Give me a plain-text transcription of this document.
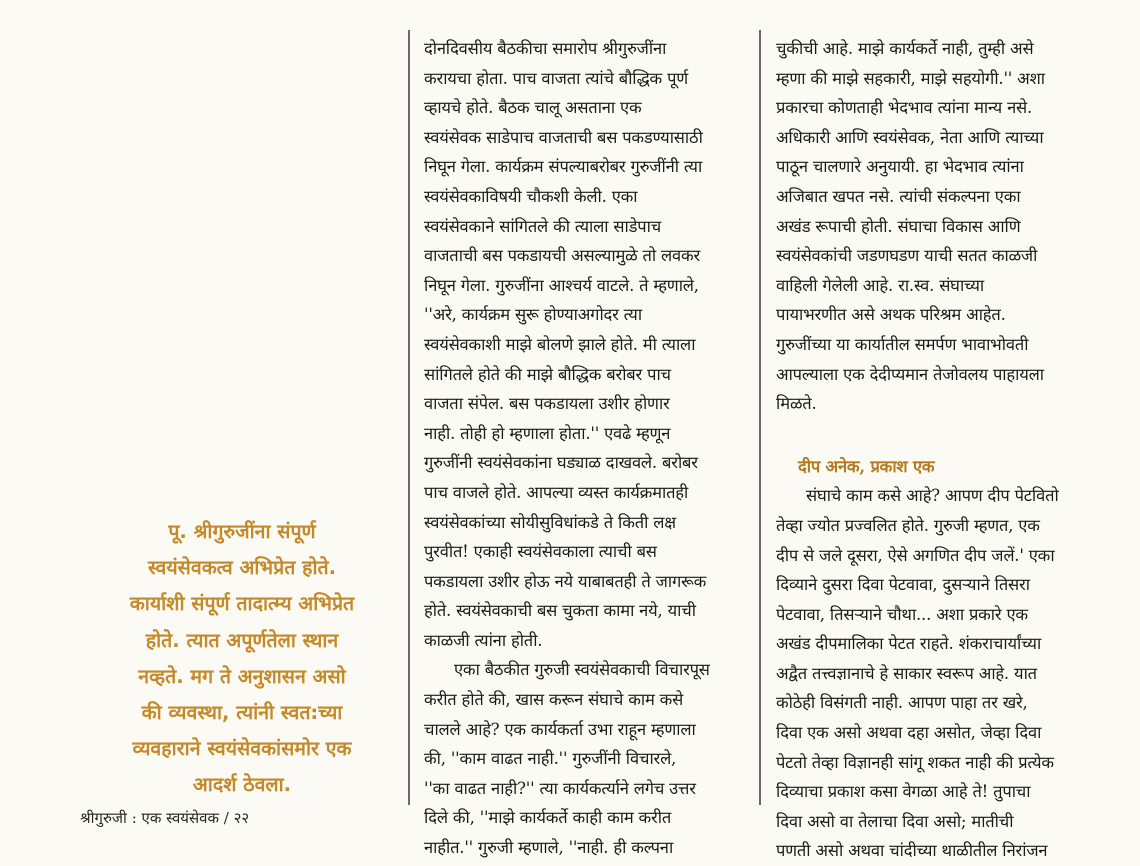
पू. श्रीगुरुजींना संपूर्ण
स्वयंसेवकत्व अभिप्रेत होते.
कार्याशी संपूर्ण तादात्म्य अभिप्रेत
होते. त्यात अपूर्णतेला स्थान
नव्हते. मग ते अनुशासन असो
की व्यवस्था, त्यांनी स्वत:च्या
व्यवहाराने स्वयंसेवकांसमोर एक
आदर्श ठेवला.

दोनदिवसीय बैठकीचा समारोप श्रीगुरुजींना
करायचा होता. पाच वाजता त्यांचे बौद्धिक पूर्ण
व्हायचे होते. बैठक चालू असताना एक
स्वयंसेवक साडेपाच वाजताची बस पकडण्यासाठी
निघून गेला. कार्यक्रम संपल्याबरोबर गुरुजींनी त्या
स्वयंसेवकाविषयी चौकशी केली. एका
स्वयंसेवकाने सांगितले की त्याला साडेपाच
वाजताची बस पकडायची असल्यामुळे तो लवकर
निघून गेला. गुरुजींना आश्चर्य वाटले. ते म्हणाले,
''अरे, कार्यक्रम सुरू होण्याअगोदर त्या
स्वयंसेवकाशी माझे बोलणे झाले होते. मी त्याला
सांगितले होते की माझे बौद्धिक बरोबर पाच
वाजता संपेल. बस पकडायला उशीर होणार
नाही. तोही हो म्हणाला होता.'' एवढे म्हणून
गुरुजींनी स्वयंसेवकांना घड्याळ दाखवले. बरोबर
पाच वाजले होते. आपल्या व्यस्त कार्यक्रमातही
स्वयंसेवकांच्या सोयीसुविधांकडे ते किती लक्ष
पुरवीत! एकाही स्वयंसेवकाला त्याची बस
पकडायला उशीर होऊ नये याबाबतही ते जागरूक
होते. स्वयंसेवकाची बस चुकता कामा नये, याची
काळजी त्यांना होती.

एका बैठकीत गुरुजी स्वयंसेवकाची विचारपूस
करीत होते की, खास करून संघाचे काम कसे
चालले आहे? एक कार्यकर्ता उभा राहून म्हणाला
की, ''काम वाढत नाही.'' गुरुजींनी विचारले,
''का वाढत नाही?'' त्या कार्यकर्त्याने लगेच उत्तर
दिले की, ''माझे कार्यकर्ते काही काम करीत
नाहीत.'' गुरुजी म्हणाले, ''नाही. ही कल्पना

चुकीची आहे. माझे कार्यकर्ते नाही, तुम्ही असे
म्हणा की माझे सहकारी, माझे सहयोगी.'' अशा
प्रकारचा कोणताही भेदभाव त्यांना मान्य नसे.
अधिकारी आणि स्वयंसेवक, नेता आणि त्याच्या
पाठून चालणारे अनुयायी. हा भेदभाव त्यांना
अजिबात खपत नसे. त्यांची संकल्पना एका
अखंड रूपाची होती. संघाचा विकास आणि
स्वयंसेवकांची जडणघडण याची सतत काळजी
वाहिली गेलेली आहे. रा.स्व. संघाच्या
पायाभरणीत असे अथक परिश्रम आहेत.
गुरुजींच्या या कार्यातील समर्पण भावाभोवती
आपल्याला एक देदीप्यमान तेजोवलय पाहायला
मिळते.

दीप अनेक, प्रकाश एक

संघाचे काम कसे आहे? आपण दीप पेटवितो
तेव्हा ज्योत प्रज्वलित होते. गुरुजी म्हणत, एक
दीप से जले दूसरा, ऐसे अगणित दीप जलें.' एका
दिव्याने दुसरा दिवा पेटवावा, दुसऱ्याने तिसरा
पेटवावा, तिसऱ्याने चौथा... अशा प्रकारे एक
अखंड दीपमालिका पेटत राहते. शंकराचार्यांच्या
अद्वैत तत्त्वज्ञानाचे हे साकार स्वरूप आहे. यात
कोठेही विसंगती नाही. आपण पाहा तर खरे,
दिवा एक असो अथवा दहा असोत, जेव्हा दिवा
पेटतो तेव्हा विज्ञानही सांगू शकत नाही की प्रत्येक
दिव्याचा प्रकाश कसा वेगळा आहे ते! तुपाचा
दिवा असो वा तेलाचा दिवा असो; मातीची
पणती असो अथवा चांदीच्या थाळीतील निरांजन

श्रीगुरुजी : एक स्वयंसेवक / २२
